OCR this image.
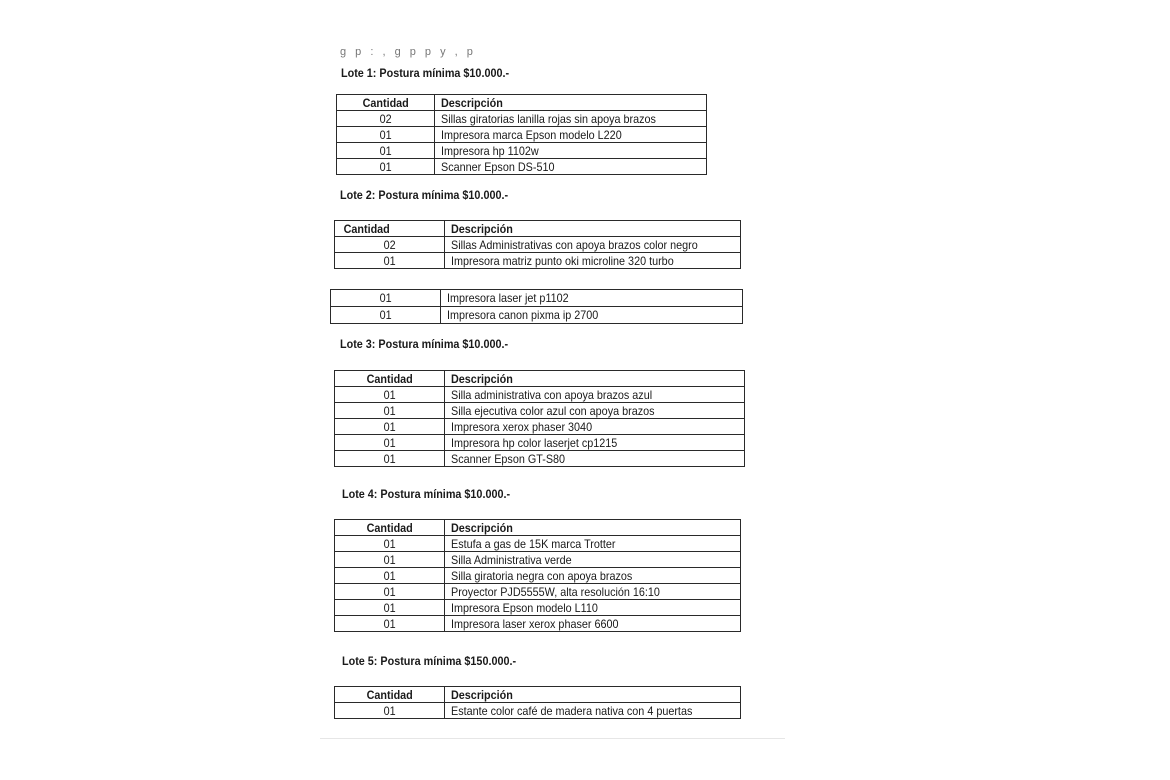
g p : , g p p y , p
Lote 1: Postura mínima $10.000.-
Cantidad	Descripción
02	Sillas giratorias lanilla rojas sin apoya brazos
01	Impresora marca Epson modelo L220
01	Impresora hp 1102w
01	Scanner Epson DS-510
Lote 2: Postura mínima $10.000.-
Cantidad	Descripción
02	Sillas Administrativas con apoya brazos color negro
01	Impresora matriz punto oki microline 320 turbo
01	Impresora laser jet p1102
01	Impresora canon pixma ip 2700
Lote 3: Postura mínima $10.000.-
Cantidad	Descripción
01	Silla administrativa con apoya brazos azul
01	Silla ejecutiva color azul con apoya brazos
01	Impresora xerox phaser 3040
01	Impresora hp color laserjet cp1215
01	Scanner Epson GT-S80
Lote 4: Postura mínima $10.000.-
Cantidad	Descripción
01	Estufa a gas de 15K marca Trotter
01	Silla Administrativa verde
01	Silla giratoria negra con apoya brazos
01	Proyector PJD5555W, alta resolución 16:10
01	Impresora Epson modelo L110
01	Impresora laser xerox phaser 6600
Lote 5: Postura mínima $150.000.-
Cantidad	Descripción
01	Estante color café de madera nativa con 4 puertas
